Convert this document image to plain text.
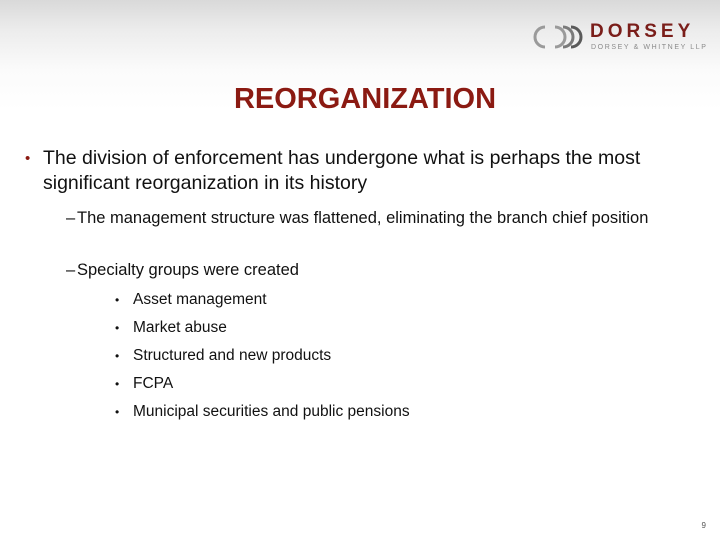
DORSEY
DORSEY & WHITNEY LLP
REORGANIZATION
• The division of enforcement has undergone what is perhaps the most significant reorganization in its history
– The management structure was flattened, eliminating the branch chief position
– Specialty groups were created
• Asset management
• Market abuse
• Structured and new products
• FCPA
• Municipal securities and public pensions
9
